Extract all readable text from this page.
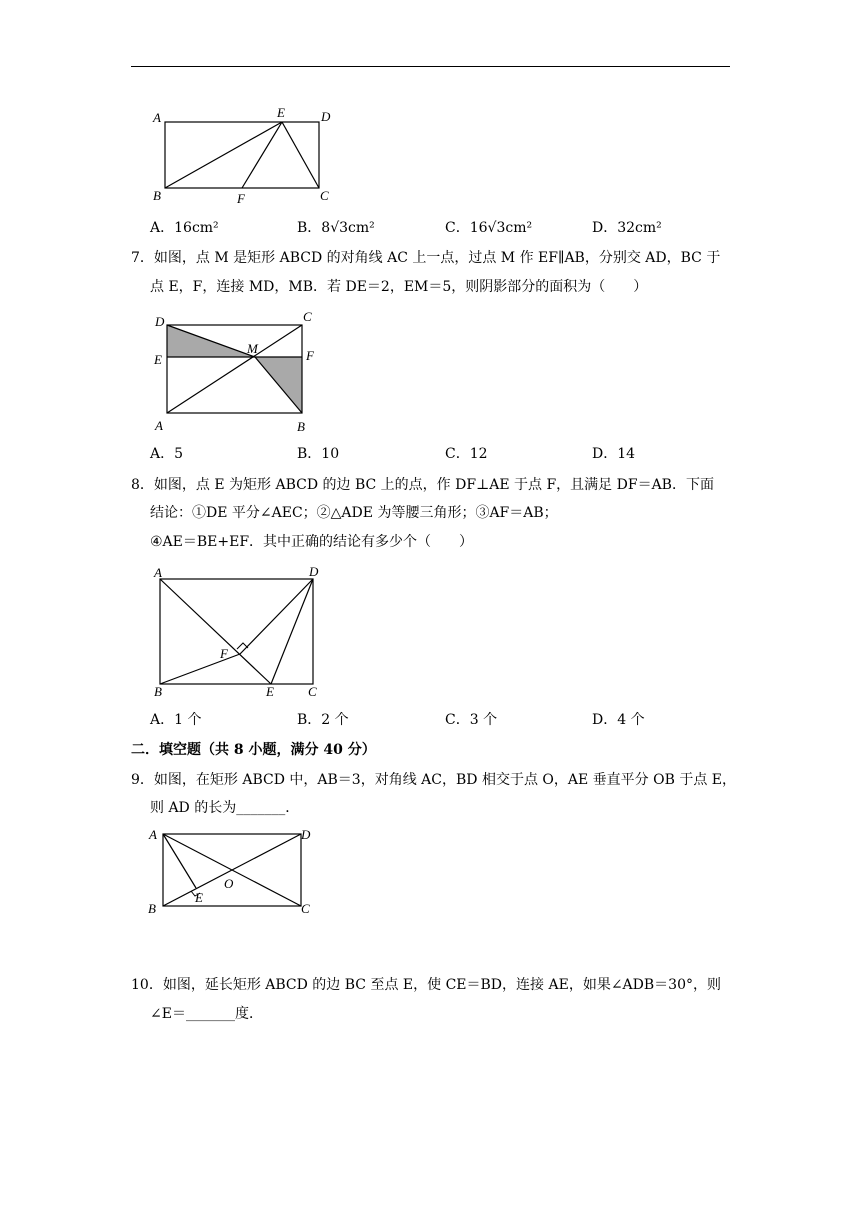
A
B	C
D
E
F
A．16cm²	B．8√3cm²	C．16√3cm²	D．32cm²
7．如图，点 M 是矩形 ABCD 的对角线 AC 上一点，过点 M 作 EF∥AB，分别交 AD，BC 于
点 E，F，连接 MD，MB．若 DE＝2，EM＝5，则阴影部分的面积为（　　）
D
E
A	B
C
F
M
A．5	B．10	C．12	D．14
8．如图，点 E 为矩形 ABCD 的边 BC 上的点，作 DF⊥AE 于点 F，且满足 DF＝AB．下面
结论：①DE 平分∠AEC；②△ADE 为等腰三角形；③AF＝AB；
④AE＝BE+EF．其中正确的结论有多少个（　　）
A
B	E	C
D
F
A．1 个	B．2 个	C．3 个	D．4 个
二．填空题（共 8 小题，满分 40 分）
9．如图，在矩形 ABCD 中，AB＝3，对角线 AC，BD 相交于点 O，AE 垂直平分 OB 于点 E，
则 AD 的长为_______．
A
B
E
O
C
D
10．如图，延长矩形 ABCD 的边 BC 至点 E，使 CE＝BD，连接 AE，如果∠ADB＝30°，则
∠E＝_______度．
